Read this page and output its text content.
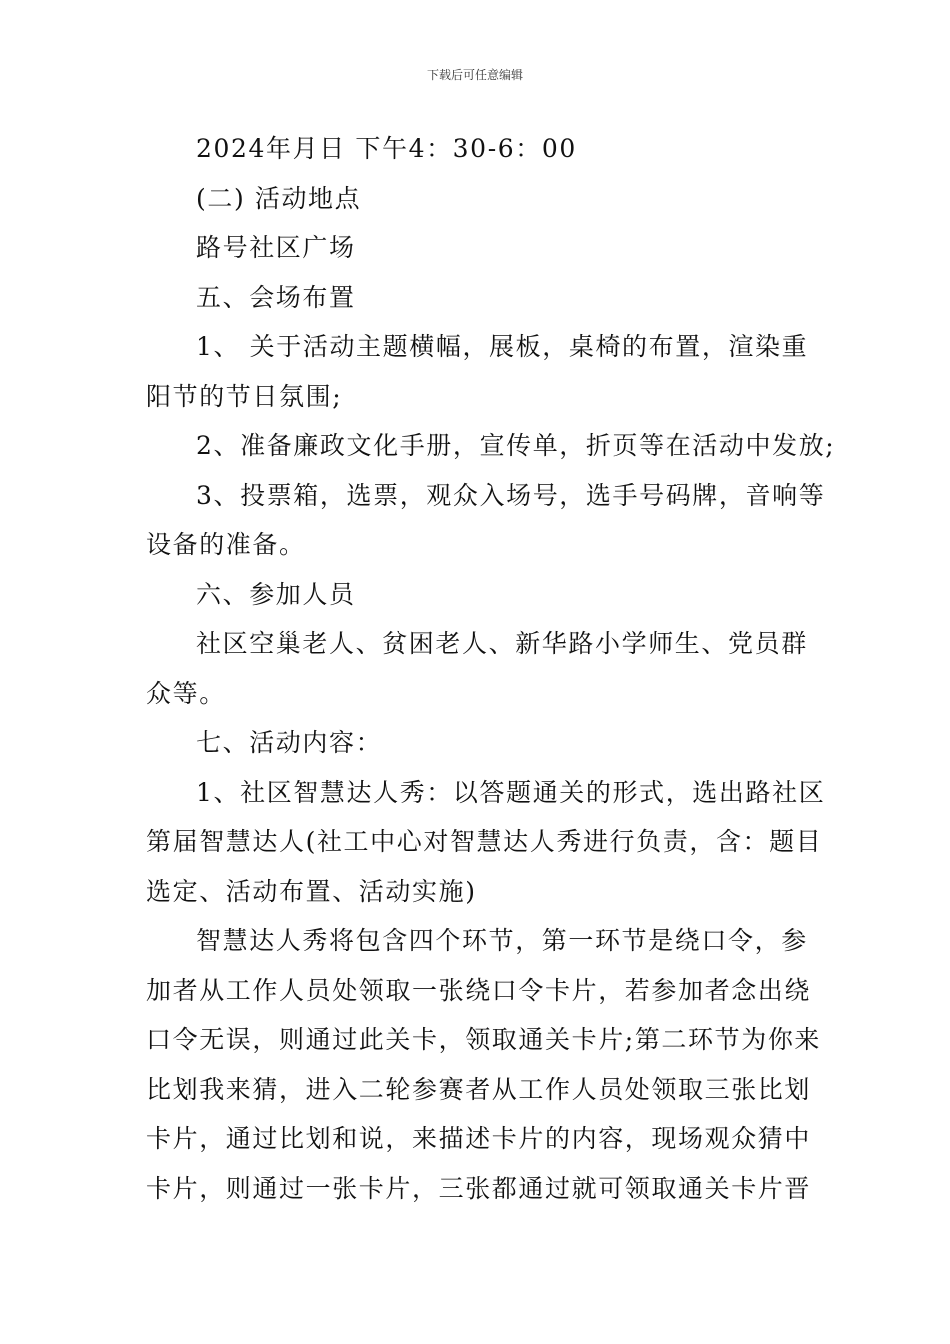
下载后可任意编辑

2024年月日 下午4：30-6：00

(二) 活动地点

路号社区广场

五、会场布置

1、 关于活动主题横幅，展板，桌椅的布置，渲染重

阳节的节日氛围;

2、准备廉政文化手册，宣传单，折页等在活动中发放;

3、投票箱，选票，观众入场号，选手号码牌，音响等

设备的准备。

六、参加人员

社区空巢老人、贫困老人、新华路小学师生、党员群

众等。

七、活动内容：

1、社区智慧达人秀：以答题通关的形式，选出路社区

第届智慧达人(社工中心对智慧达人秀进行负责，含：题目

选定、活动布置、活动实施)

智慧达人秀将包含四个环节，第一环节是绕口令，参

加者从工作人员处领取一张绕口令卡片，若参加者念出绕

口令无误，则通过此关卡，领取通关卡片;第二环节为你来

比划我来猜，进入二轮参赛者从工作人员处领取三张比划

卡片，通过比划和说，来描述卡片的内容，现场观众猜中

卡片，则通过一张卡片，三张都通过就可领取通关卡片晋
